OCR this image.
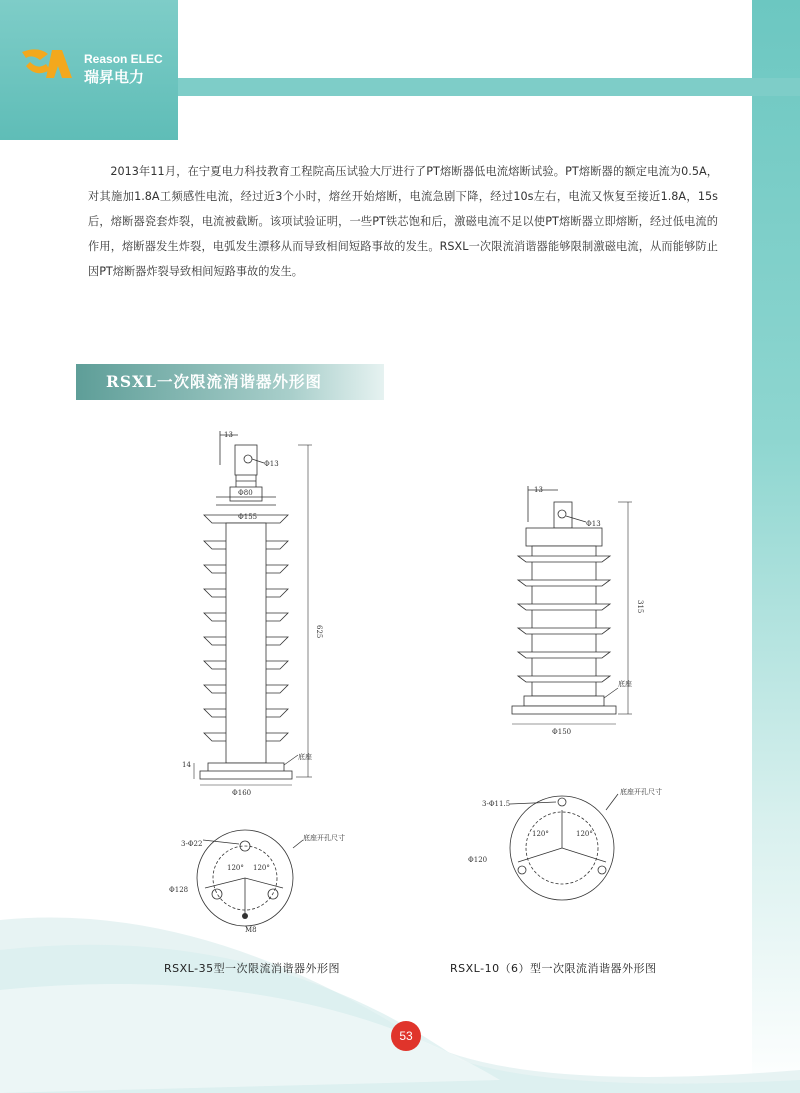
Reason ELEC
瑞昇电力

2013年11月，在宁夏电力科技教育工程院高压试验大厅进行了PT熔断器低电流熔断试验。PT熔断器的额定电流为0.5A，对其施加1.8A工频感性电流，经过近3个小时，熔丝开始熔断，电流急剧下降，经过10s左右，电流又恢复至接近1.8A，15s后，熔断器瓷套炸裂，电流被截断。该项试验证明，一些PT铁芯饱和后，激磁电流不足以使PT熔断器立即熔断，经过低电流的作用，熔断器发生炸裂，电弧发生漂移从而导致相间短路事故的发生。RSXL一次限流消谐器能够限制激磁电流，从而能够防止因PT熔断器炸裂导致相间短路事故的发生。

RSXL一次限流消谐器外形图
13
Φ13
Φ80
Φ155
625
14
底座
Φ160
3-Φ22
底座开孔尺寸
120° 120°
Φ128
M8
13
Φ13
315
底座
Φ150
3-Φ11.5
底座开孔尺寸
120°	120°
Φ120
RSXL-35型一次限流消谐器外形图	RSXL-10（6）型一次限流消谐器外形图
53
